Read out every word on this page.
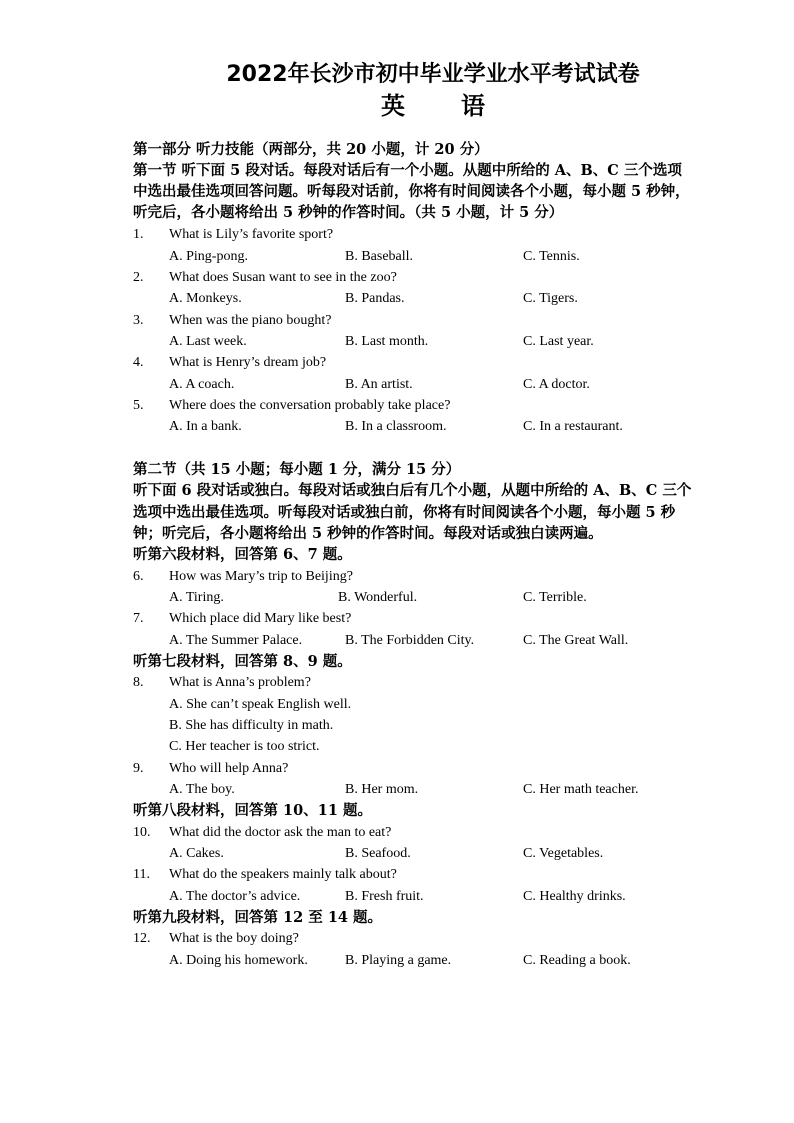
2022年长沙市初中毕业学业水平考试试卷
英 语
第一部分 听力技能（两部分，共 20 小题，计 20 分）
第一节 听下面 5 段对话。每段对话后有一个小题。从题中所给的 A、B、C 三个选项
中选出最佳选项回答问题。听每段对话前，你将有时间阅读各个小题，每小题 5 秒钟，
听完后，各小题将给出 5 秒钟的作答时间。（共 5 小题，计 5 分）
1. What is Lily’s favorite sport?
A. Ping-pong.	B. Baseball.	C. Tennis.
2. What does Susan want to see in the zoo?
A. Monkeys.	B. Pandas.	C. Tigers.
3. When was the piano bought?
A. Last week.	B. Last month.	C. Last year.
4. What is Henry’s dream job?
A. A coach.	B. An artist.	C. A doctor.
5. Where does the conversation probably take place?
A. In a bank.	B. In a classroom.	C. In a restaurant.
第二节（共 15 小题；每小题 1 分，满分 15 分）
听下面 6 段对话或独白。每段对话或独白后有几个小题，从题中所给的 A、B、C 三个
选项中选出最佳选项。听每段对话或独白前，你将有时间阅读各个小题，每小题 5 秒
钟；听完后，各小题将给出 5 秒钟的作答时间。每段对话或独白读两遍。
听第六段材料，回答第 6、7 题。
6. How was Mary’s trip to Beijing?
A. Tiring.	B. Wonderful.	C. Terrible.
7. Which place did Mary like best?
A. The Summer Palace.	B. The Forbidden City.	C. The Great Wall.
听第七段材料，回答第 8、9 题。
8. What is Anna’s problem?
A. She can’t speak English well.
B. She has difficulty in math.
C. Her teacher is too strict.
9. Who will help Anna?
A. The boy.	B. Her mom.	C. Her math teacher.
听第八段材料，回答第 10、11 题。
10. What did the doctor ask the man to eat?
A. Cakes.	B. Seafood.	C. Vegetables.
11. What do the speakers mainly talk about?
A. The doctor’s advice.	B. Fresh fruit.	C. Healthy drinks.
听第九段材料，回答第 12 至 14 题。
12. What is the boy doing?
A. Doing his homework.	B. Playing a game.	C. Reading a book.
